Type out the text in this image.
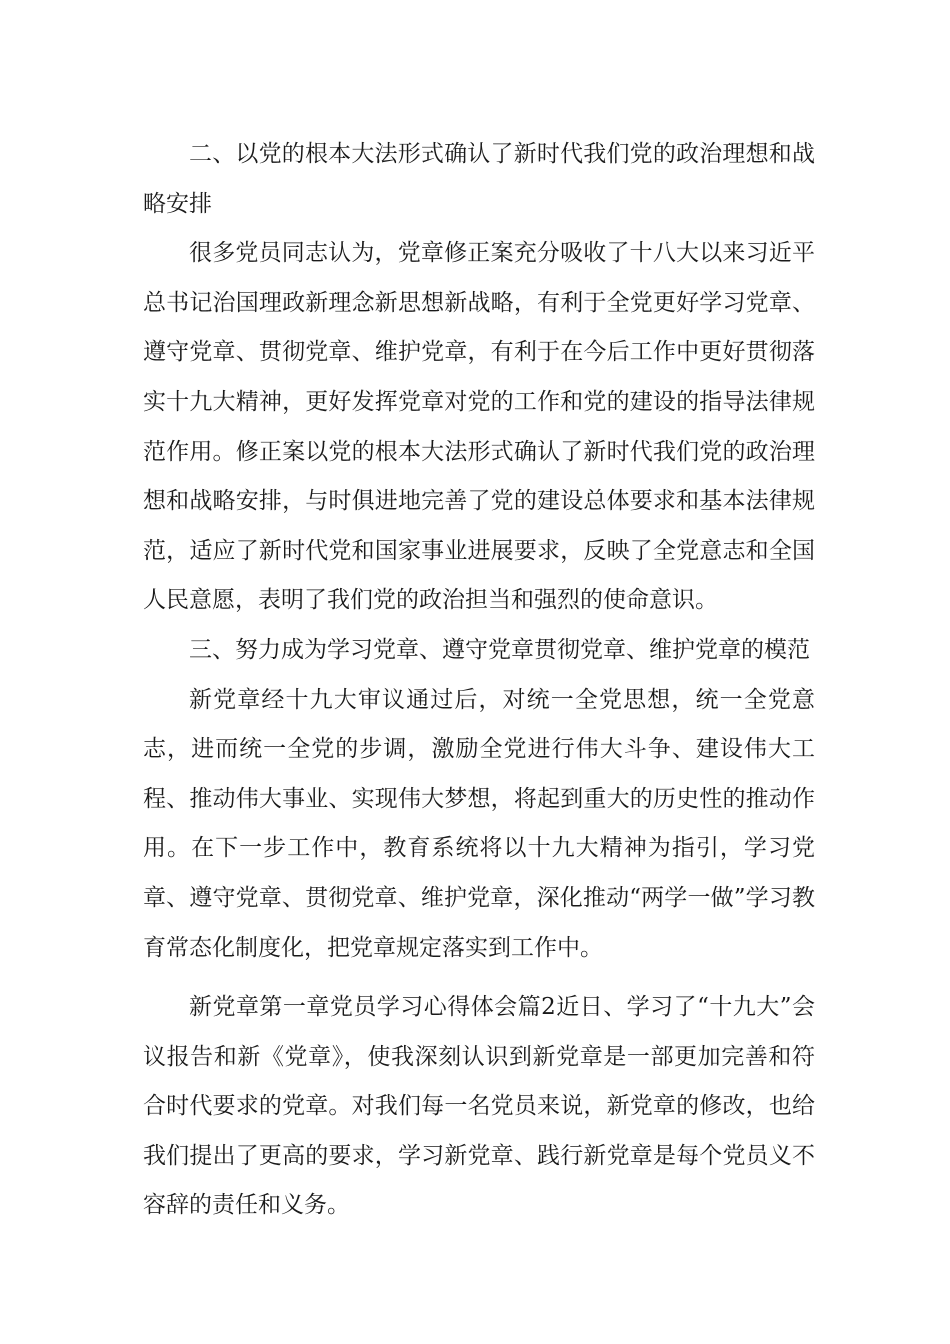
二、以党的根本大法形式确认了新时代我们党的政治理想和战略安排

很多党员同志认为，党章修正案充分吸收了十八大以来习近平总书记治国理政新理念新思想新战略，有利于全党更好学习党章、遵守党章、贯彻党章、维护党章，有利于在今后工作中更好贯彻落实十九大精神，更好发挥党章对党的工作和党的建设的指导法律规范作用。修正案以党的根本大法形式确认了新时代我们党的政治理想和战略安排，与时俱进地完善了党的建设总体要求和基本法律规范，适应了新时代党和国家事业进展要求，反映了全党意志和全国人民意愿，表明了我们党的政治担当和强烈的使命意识。

三、努力成为学习党章、遵守党章贯彻党章、维护党章的模范

新党章经十九大审议通过后，对统一全党思想，统一全党意志，进而统一全党的步调，激励全党进行伟大斗争、建设伟大工程、推动伟大事业、实现伟大梦想，将起到重大的历史性的推动作用。在下一步工作中，教育系统将以十九大精神为指引，学习党章、遵守党章、贯彻党章、维护党章，深化推动“两学一做”学习教育常态化制度化，把党章规定落实到工作中。

新党章第一章党员学习心得体会篇2近日、学习了“十九大”会议报告和新《党章》，使我深刻认识到新党章是一部更加完善和符合时代要求的党章。对我们每一名党员来说，新党章的修改，也给我们提出了更高的要求，学习新党章、践行新党章是每个党员义不容辞的责任和义务。
